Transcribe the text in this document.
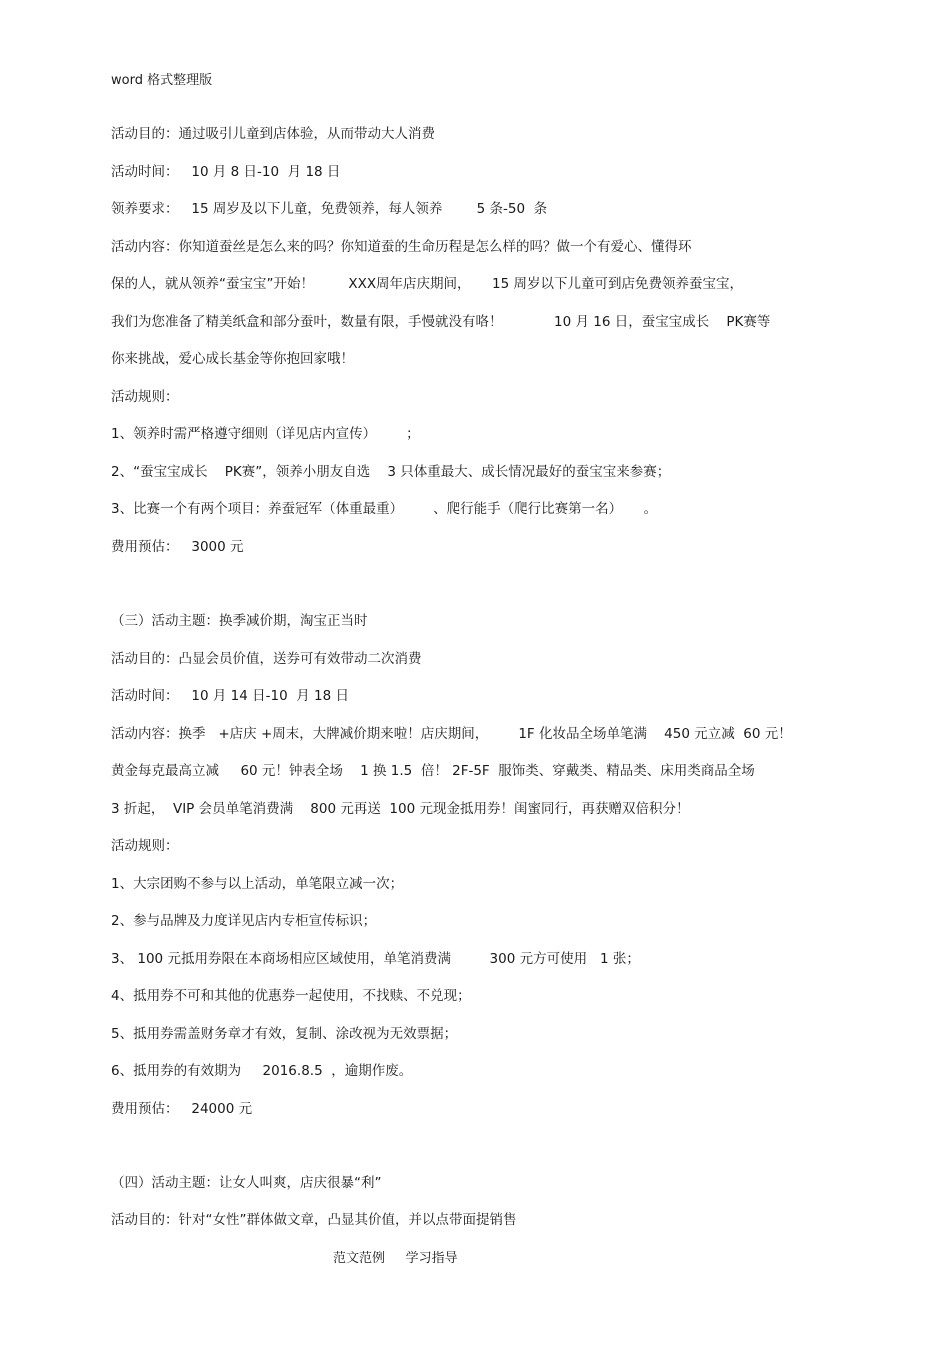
word 格式整理版
活动目的：通过吸引儿童到店体验，从而带动大人消费
活动时间：   10 月 8 日-10  月 18 日
领养要求：   15 周岁及以下儿童，免费领养，每人领养        5 条-50  条
活动内容：你知道蚕丝是怎么来的吗？你知道蚕的生命历程是怎么样的吗？做一个有爱心、懂得环
保的人，就从领养“蚕宝宝”开始！        XXX周年店庆期间，     15 周岁以下儿童可到店免费领养蚕宝宝，
我们为您准备了精美纸盒和部分蚕叶，数量有限，手慢就没有咯！            10 月 16 日，蚕宝宝成长    PK赛等
你来挑战，爱心成长基金等你抱回家哦！
活动规则：
1、领养时需严格遵守细则（详见店内宣传）       ；
2、“蚕宝宝成长    PK赛”，领养小朋友自选    3 只体重最大、成长情况最好的蚕宝宝来参赛；
3、比赛一个有两个项目：养蚕冠军（体重最重）       、爬行能手（爬行比赛第一名）     。
费用预估：   3000 元
（三）活动主题：换季减价期，淘宝正当时
活动目的：凸显会员价值，送券可有效带动二次消费
活动时间：   10 月 14 日-10  月 18 日
活动内容：换季   +店庆 +周末，大牌减价期来啦！店庆期间，       1F 化妆品全场单笔满    450 元立减  60 元！
黄金每克最高立减     60 元！钟表全场    1 换 1.5  倍！ 2F-5F  服饰类、穿戴类、精品类、床用类商品全场
3 折起，  VIP 会员单笔消费满    800 元再送  100 元现金抵用券！闺蜜同行，再获赠双倍积分！
活动规则：
1、大宗团购不参与以上活动，单笔限立减一次；
2、参与品牌及力度详见店内专柜宣传标识；
3、 100 元抵用券限在本商场相应区域使用，单笔消费满         300 元方可使用   1 张；
4、抵用券不可和其他的优惠券一起使用，不找赎、不兑现；
5、抵用券需盖财务章才有效，复制、涂改视为无效票据；
6、抵用券的有效期为     2016.8.5  ，逾期作废。
费用预估：   24000 元
（四）活动主题：让女人叫爽，店庆很暴“利”
活动目的：针对“女性”群体做文章，凸显其价值，并以点带面提销售
范文范例     学习指导
